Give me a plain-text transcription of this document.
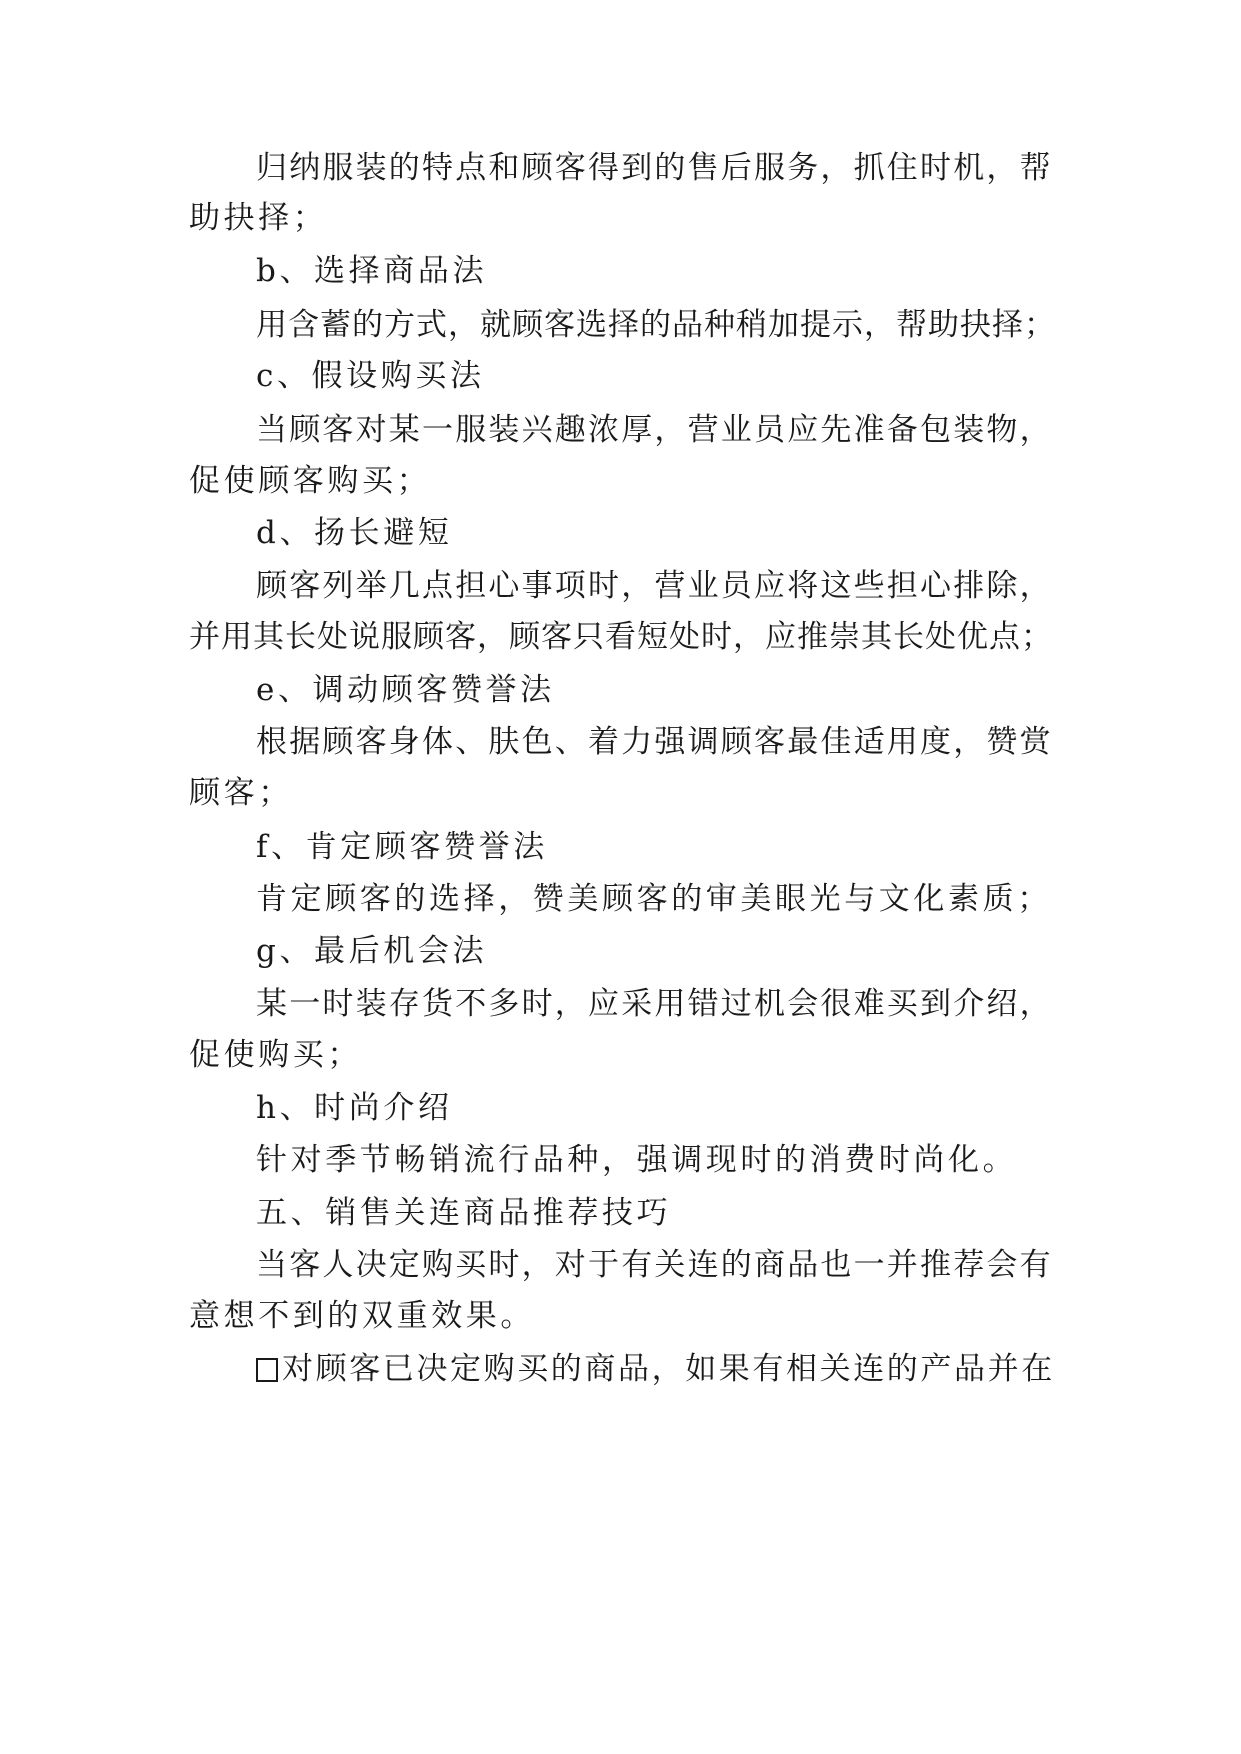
归纳服装的特点和顾客得到的售后服务，抓住时机，帮
助抉择；
b、选择商品法
用含蓄的方式，就顾客选择的品种稍加提示，帮助抉择；
c、假设购买法
当顾客对某一服装兴趣浓厚，营业员应先准备包装物，
促使顾客购买；
d、扬长避短
顾客列举几点担心事项时，营业员应将这些担心排除，
并用其长处说服顾客，顾客只看短处时，应推崇其长处优点；
e、调动顾客赞誉法
根据顾客身体、肤色、着力强调顾客最佳适用度，赞赏
顾客；
f、肯定顾客赞誉法
肯定顾客的选择，赞美顾客的审美眼光与文化素质；
g、最后机会法
某一时装存货不多时，应采用错过机会很难买到介绍，
促使购买；
h、时尚介绍
针对季节畅销流行品种，强调现时的消费时尚化。
五、销售关连商品推荐技巧
当客人决定购买时，对于有关连的商品也一并推荐会有
意想不到的双重效果。
对顾客已决定购买的商品，如果有相关连的产品并在
